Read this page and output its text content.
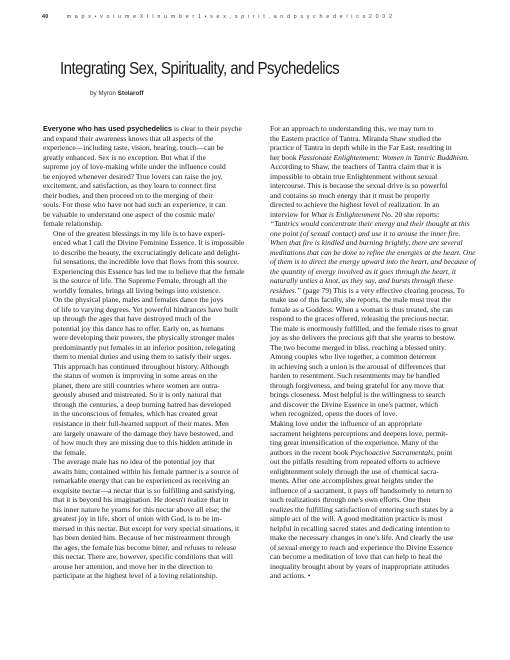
40	m a p s • v o l u m e X I I n u m b e r 1 • s e x , s p i r i t , a n d p s y c h e d e l i c s 2 0 0 2
Integrating Sex, Spirituality, and Psychedelics
by Myron Stolaroff

Everyone who has used psychedelics is clear to their psyche
and expand their awareness knows that all aspects of the
experience—including taste, vision, hearing, touch—can be
greatly enhanced. Sex is no exception. But what if the
supreme joy of love-making while under the influence could
be enjoyed whenever desired? True lovers can raise the joy,
excitement, and satisfaction, as they learn to connect first
their bodies, and then proceed on to the merging of their
souls. For those who have not had such an experience, it can
be valuable to understand one aspect of the cosmic male/
female relationship.

One of the greatest blessings in my life is to have experi-
enced what I call the Divine Feminine Essence. It is impossible
to describe the beauty, the excruciatingly delicate and delight-
ful sensations, the incredible love that flows from this source.
Experiencing this Essence has led me to believe that the female
is the source of life. The Supreme Female, through all the
worldly females, brings all living beings into existence.

On the physical plane, males and females dance the joys
of life to varying degrees. Yet powerful hindrances have built
up through the ages that have destroyed much of the
potential joy this dance has to offer. Early on, as humans
were developing their powers, the physically stronger males
predominantly put females in an inferior position, relegating
them to menial duties and using them to satisfy their urges.
This approach has continued throughout history. Although
the status of women is improving in some areas on the
planet, there are still countries where women are outra-
geously abused and mistreated. So it is only natural that
through the centuries, a deep burning hatred has developed
in the unconscious of females, which has created great
resistance in their full-hearted support of their mates. Men
are largely unaware of the damage they have bestowed, and
of how much they are missing due to this hidden attitude in
the female.

The average male has no idea of the potential joy that
awaits him; contained within his female partner is a source of
remarkable energy that can be experienced as receiving an
exquisite nectar—a nectar that is so fulfilling and satisfying,
that it is beyond his imagination. He doesn't realize that in
his inner nature he yearns for this nectar above all else; the
greatest joy in life, short of union with God, is to be im-
mersed in this nectar. But except for very special situations, it
has been denied him. Because of her mistreatment through
the ages, the female has become bitter, and refuses to release
this nectar. There are, however, specific conditions that will
arouse her attention, and move her in the direction to
participate at the highest level of a loving relationship.

For an approach to understanding this, we may turn to
the Eastern practice of Tantra. Miranda Shaw studied the
practice of Tantra in depth while in the Far East, resulting in
her book Passionate Enlightenment: Women in Tantric Buddhism.
According to Shaw, the teachers of Tantra claim that it is
impossible to obtain true Enlightenment without sexual
intercourse. This is because the sexual drive is so powerful
and contains so much energy that it must be properly
directed to achieve the highest level of realization. In an
interview for What is Enlightenment No. 20 she reports:
“Tantrics would concentrate their energy and their thought at this
one point (of sexual contact) and use it to arouse the inner fire.
When that fire is kindled and burning brightly, there are several
meditations that can be done to refine the energies at the heart. One
of them is to direct the energy upward into the heart, and because of
the quantity of energy involved as it goes through the heart, it
naturally unties a knot, as they say, and bursts through these
residues.” (page 79) This is a very effective clearing process. To
make use of this faculty, she reports, the male must treat the
female as a Goddess. When a woman is thus treated, she can
respond to the graces offered, releasing the precious nectar.
The male is enormously fulfilled, and the female rises to great
joy as she delivers the precious gift that she yearns to bestow.
The two become merged in bliss, reaching a blessed unity.

Among couples who live together, a common deterrent
in achieving such a union is the arousal of differences that
harden to resentment. Such resentments may be handled
through forgiveness, and being grateful for any move that
brings closeness. Most helpful is the willingness to search
and discover the Divine Essence in one's partner, which
when recognized, opens the doors of love.

Making love under the influence of an appropriate
sacrament heightens perceptions and deepens love, permit-
ting great intensification of the experience. Many of the
authors in the recent book Psychoactive Sacramentals, point
out the pitfalls resulting from repeated efforts to achieve
enlightenment solely through the use of chemical sacra-
ments. After one accomplishes great heights under the
influence of a sacrament, it pays off handsomely to return to
such realizations through one's own efforts. One then
realizes the fulfilling satisfaction of entering such states by a
simple act of the will. A good meditation practice is most
helpful in recalling sacred states and dedicating intention to
make the necessary changes in one's life. And clearly the use
of sexual energy to reach and experience the Divine Essence
can become a meditation of love that can help to heal the
inequality brought about by years of inappropriate attitudes
and actions. •
